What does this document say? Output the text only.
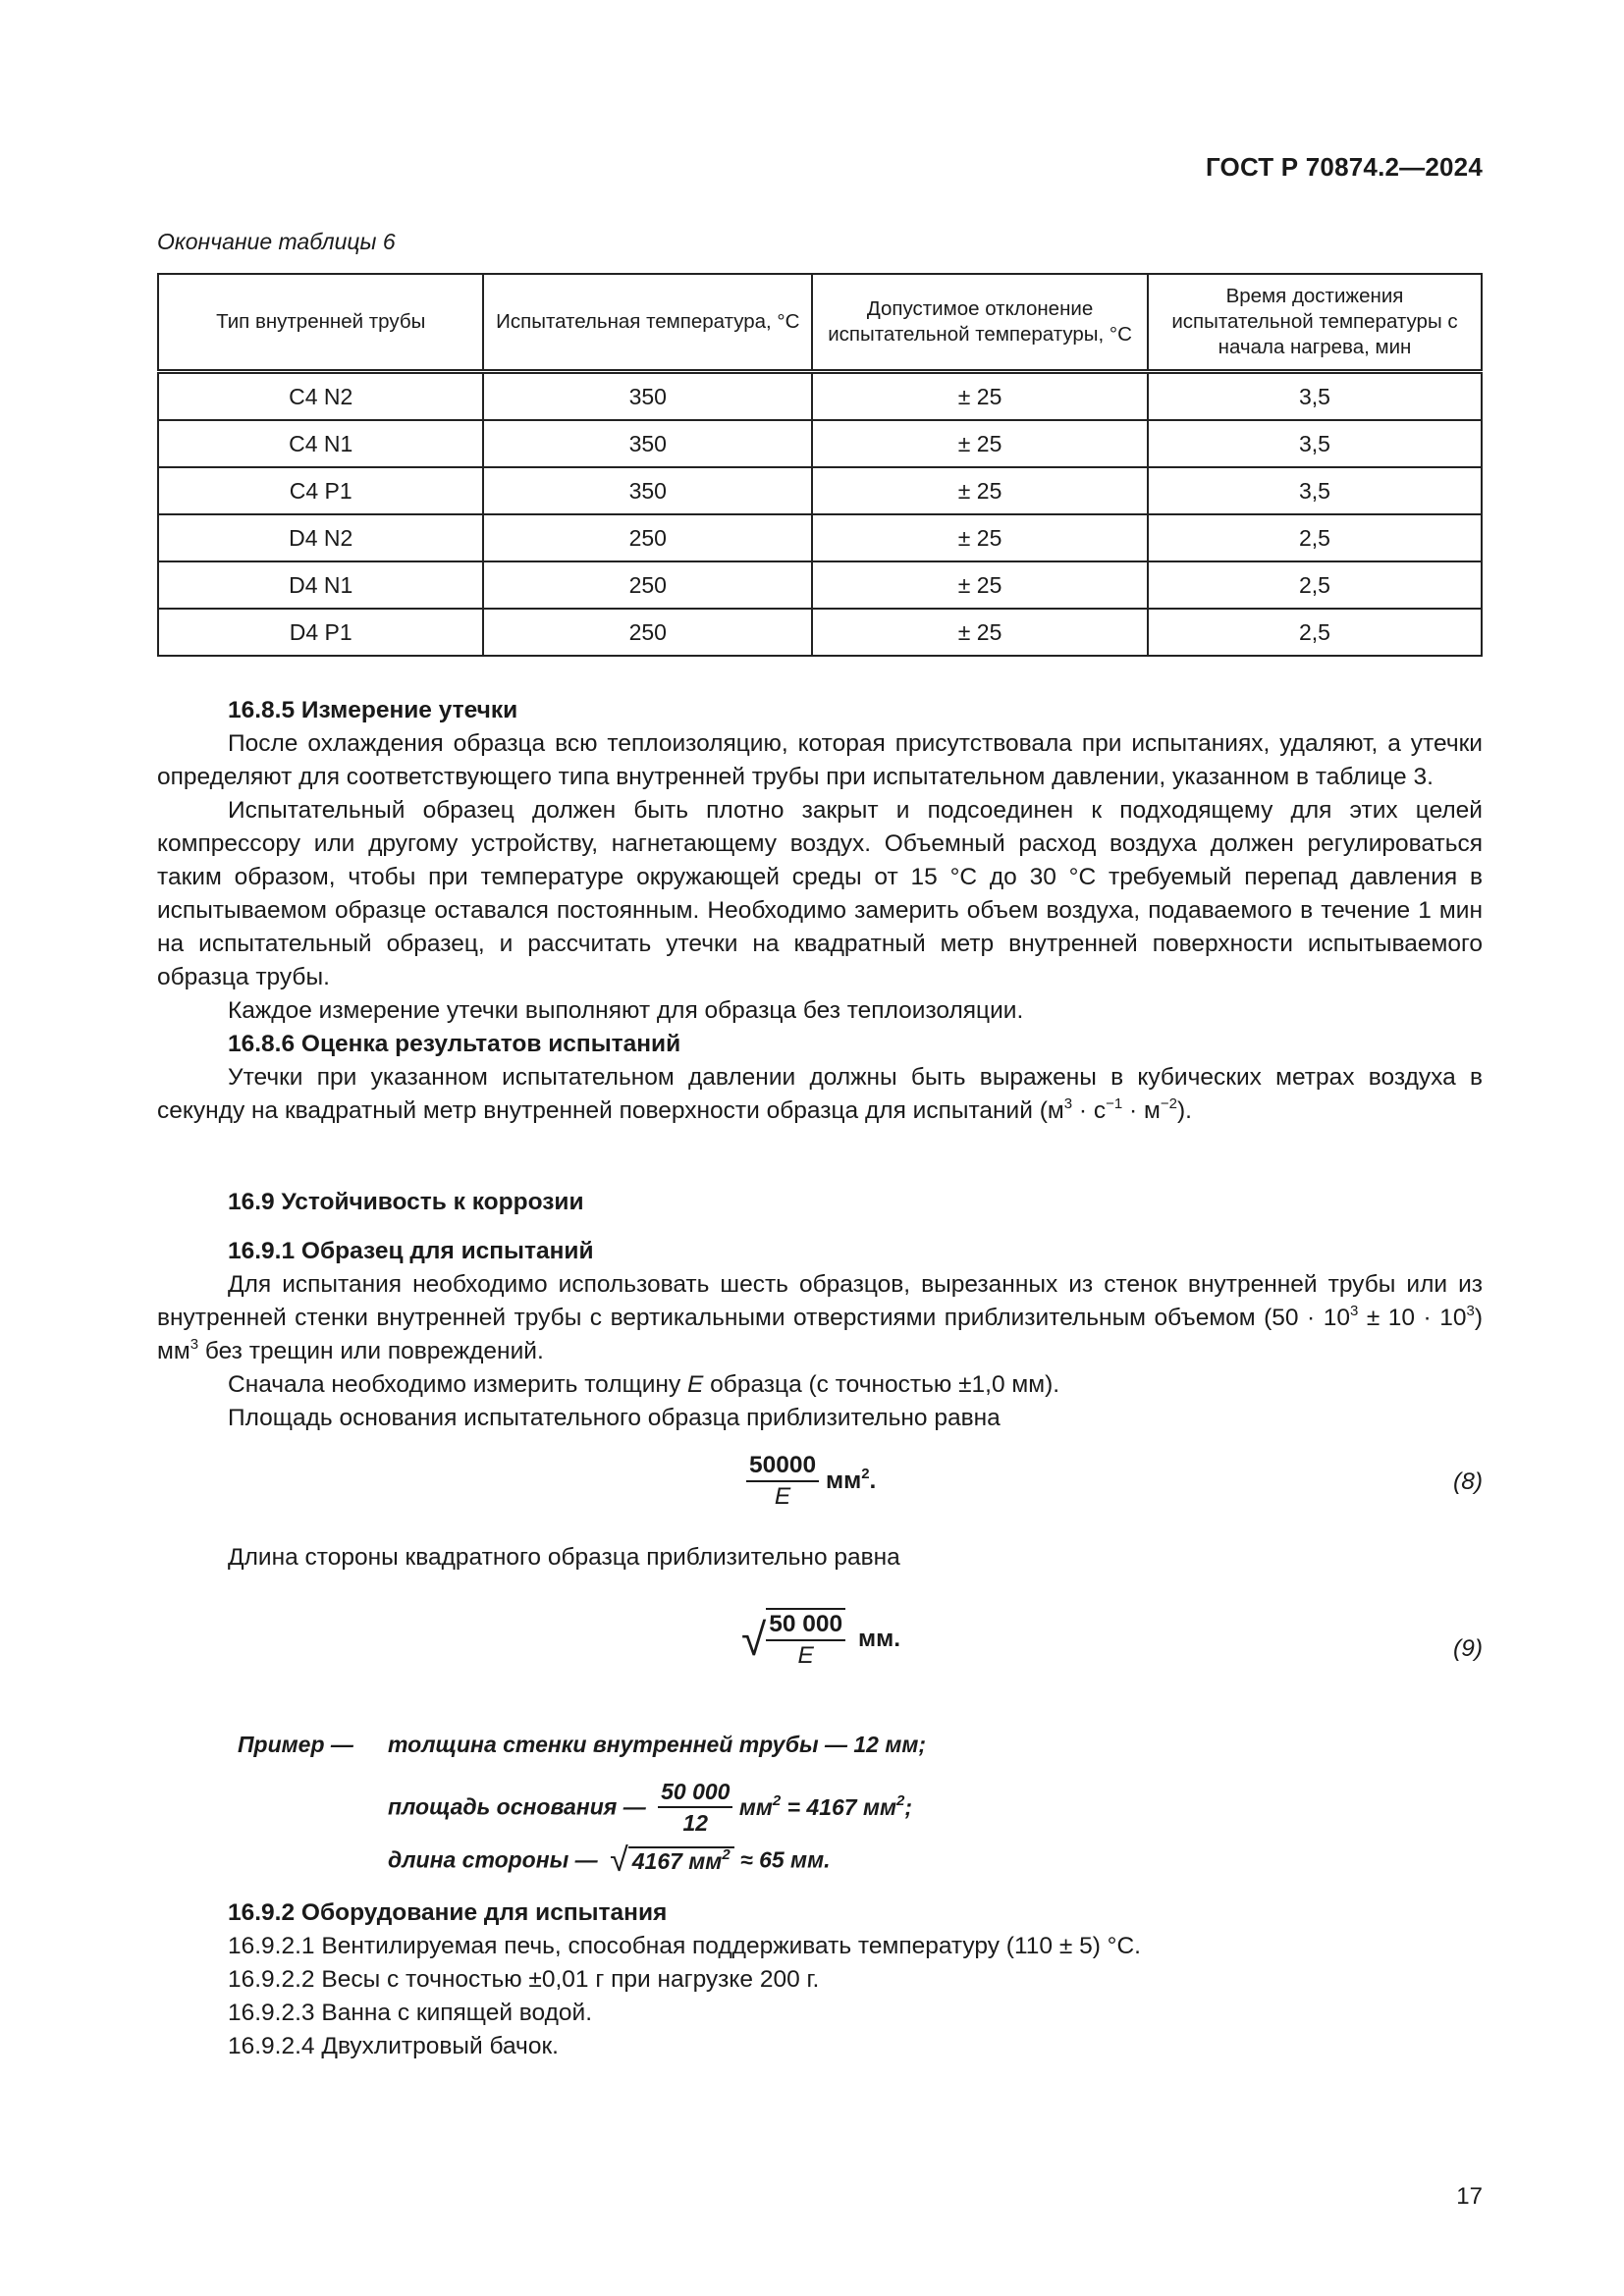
ГОСТ Р 70874.2—2024
Окончание таблицы 6
Тип внутренней трубы	Испытательная температура, °С	Допустимое отклонение испытательной температуры, °С	Время достижения испытательной температуры с начала нагрева, мин
C4 N2	350	± 25	3,5
C4 N1	350	± 25	3,5
C4 P1	350	± 25	3,5
D4 N2	250	± 25	2,5
D4 N1	250	± 25	2,5
D4 P1	250	± 25	2,5

16.8.5 Измерение утечки

После охлаждения образца всю теплоизоляцию, которая присутствовала при испытаниях, удаляют, а утечки определяют для соответствующего типа внутренней трубы при испытательном давлении, указанном в таблице 3.

Испытательный образец должен быть плотно закрыт и подсоединен к подходящему для этих целей компрессору или другому устройству, нагнетающему воздух. Объемный расход воздуха должен регулироваться таким образом, чтобы при температуре окружающей среды от 15 °C до 30 °C требуемый перепад давления в испытываемом образце оставался постоянным. Необходимо замерить объем воздуха, подаваемого в течение 1 мин на испытательный образец, и рассчитать утечки на квадратный метр внутренней поверхности испытываемого образца трубы.

Каждое измерение утечки выполняют для образца без теплоизоляции.

16.8.6 Оценка результатов испытаний

Утечки при указанном испытательном давлении должны быть выражены в кубических метрах воздуха в секунду на квадратный метр внутренней поверхности образца для испытаний $(м^3 \cdot с^{-1} \cdot м^{-2})$.

16.9 Устойчивость к коррозии

16.9.1 Образец для испытаний

Для испытания необходимо использовать шесть образцов, вырезанных из стенок внутренней трубы или из внутренней стенки внутренней трубы с вертикальными отверстиями приблизительным объемом $(50 \cdot 10^3 \pm 10 \cdot 10^3)$ $мм^3$ без трещин или повреждений.

Сначала необходимо измерить толщину E образца (с точностью ±1,0 мм).

Площадь основания испытательного образца приблизительно равна

$\frac{50000}{E} мм^2$.	(8)

Длина стороны квадратного образца приблизительно равна

√ $\frac{50 000}{E}$ мм.	(9)
Пример — толщина стенки внутренней трубы — 12 мм;
площадь основания — $\frac{50 000}{12} мм^2 = 4167$ $мм^2$;
длина стороны — √ 4167 $мм^2 \approx 65$ мм.

16.9.2 Оборудование для испытания

16.9.2.1 Вентилируемая печь, способная поддерживать температуру (110 ± 5) °С.

16.9.2.2 Весы с точностью ±0,01 г при нагрузке 200 г.

16.9.2.3 Ванна с кипящей водой.

16.9.2.4 Двухлитровый бачок.

17
